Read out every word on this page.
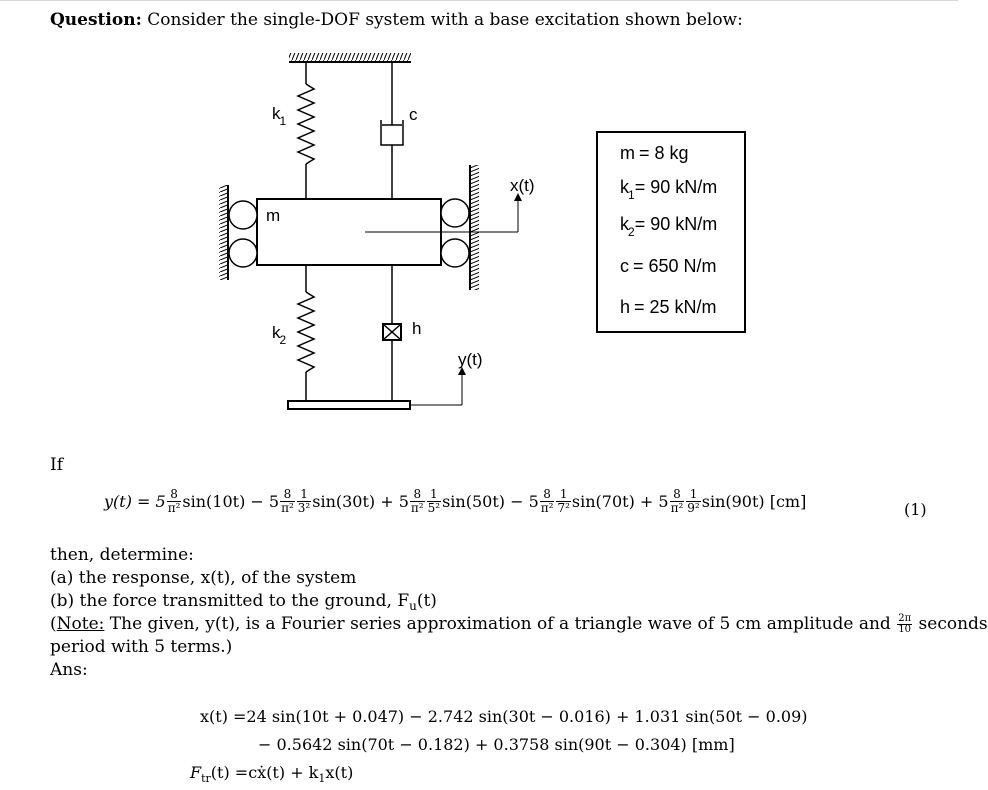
Question: Consider the single-DOF system with a base excitation shown below:
$k_1$	c
m
x(t)
$k_2$
h
y(t)
m = 8 kg
$k_1= 90$ kN/m
$k_2= 90$ kN/m
c = 650 N/m
h = 25 kN/m
If
$y(t) = 5 \frac{8}{\text{π²}} \sin(10t) - 5 \frac{8}{\text{π²}} \frac{1}{\text{3²}} \sin(30t) + 5 \frac{8}{\text{π²}} \frac{1}{\text{5²}} \sin(50t) - 5 \frac{8}{\text{π²}} \frac{1}{\text{7²}} \sin(70t) + 5 \frac{8}{\text{π²}} \frac{1}{\text{9²}} \sin(90t)$ [cm]	(1)
then, determine:
(a) the response, x(t), of the system
(b) the force transmitted to the ground, $F_u(t)$
(Note: The given, y(t), is a Fourier series approximation of a triangle wave of 5 cm amplitude and $\frac{2\pi}{10}$ seconds
period with 5 terms.)
Ans:
x(t) =24 sin(10t + 0.047) − 2.742 sin(30t − 0.016) + 1.031 sin(50t − 0.09)
− 0.5642 sin(70t − 0.182) + 0.3758 sin(90t − 0.304) [mm]
$F_{tr}(t)$ =cẋ(t) + $k_1x(t)$
